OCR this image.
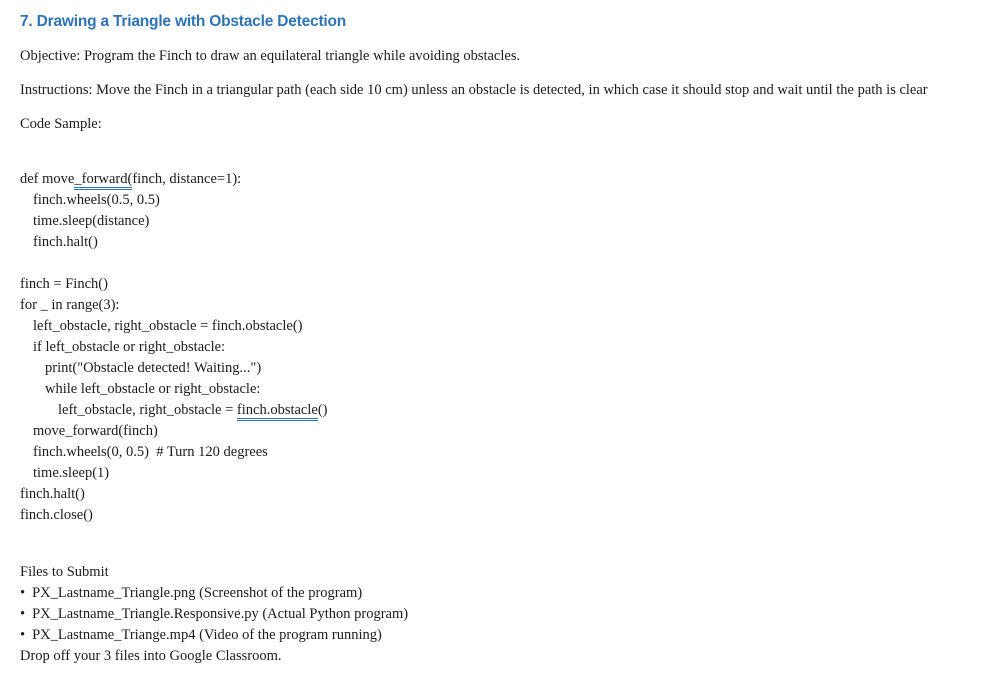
7. Drawing a Triangle with Obstacle Detection

Objective: Program the Finch to draw an equilateral triangle while avoiding obstacles.

Instructions: Move the Finch in a triangular path (each side 10 cm) unless an obstacle is detected, in which case it should stop and wait until the path is clear

Code Sample:

def move_forward(finch, distance=1):
finch.wheels(0.5, 0.5)
time.sleep(distance)
finch.halt()
finch = Finch()
for _ in range(3):
left_obstacle, right_obstacle = finch.obstacle()
if left_obstacle or right_obstacle:
print("Obstacle detected! Waiting...")
while left_obstacle or right_obstacle:
left_obstacle, right_obstacle = finch.obstacle()
move_forward(finch)
finch.wheels(0, 0.5)  # Turn 120 degrees
time.sleep(1)
finch.halt()
finch.close()
Files to Submit
• PX_Lastname_Triangle.png (Screenshot of the program)
• PX_Lastname_Triangle.Responsive.py (Actual Python program)
• PX_Lastname_Triange.mp4 (Video of the program running)
Drop off your 3 files into Google Classroom.
